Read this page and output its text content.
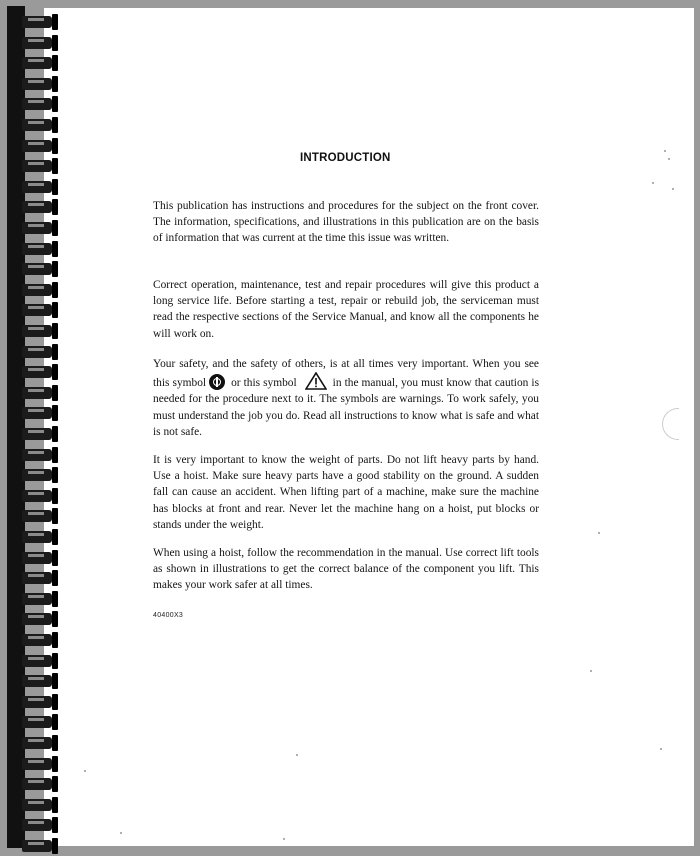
INTRODUCTION

This publication has instructions and procedures for the subject on the front cover. The information, specifications, and illustrations in this publication are on the basis of information that was current at the time this issue was written.

Correct operation, maintenance, test and repair procedures will give this product a long service life. Before starting a test, repair or rebuild job, the serviceman must read the respective sections of the Service Manual, and know all the components he will work on.

Your safety, and the safety of others, is at all times very important. When you see this symbol or this symbol	in the manual, you must know that caution is needed for the procedure next to it. The symbols are warnings. To work safely, you must understand the job you do. Read all instructions to know what is safe and what is not safe.

It is very important to know the weight of parts. Do not lift heavy parts by hand. Use a hoist. Make sure heavy parts have a good stability on the ground. A sudden fall can cause an accident. When lifting part of a machine, make sure the machine has blocks at front and rear. Never let the machine hang on a hoist, put blocks or stands under the weight.

When using a hoist, follow the recommendation in the manual. Use correct lift tools as shown in illustrations to get the correct balance of the component you lift. This makes your work safer at all times.

40400X3
